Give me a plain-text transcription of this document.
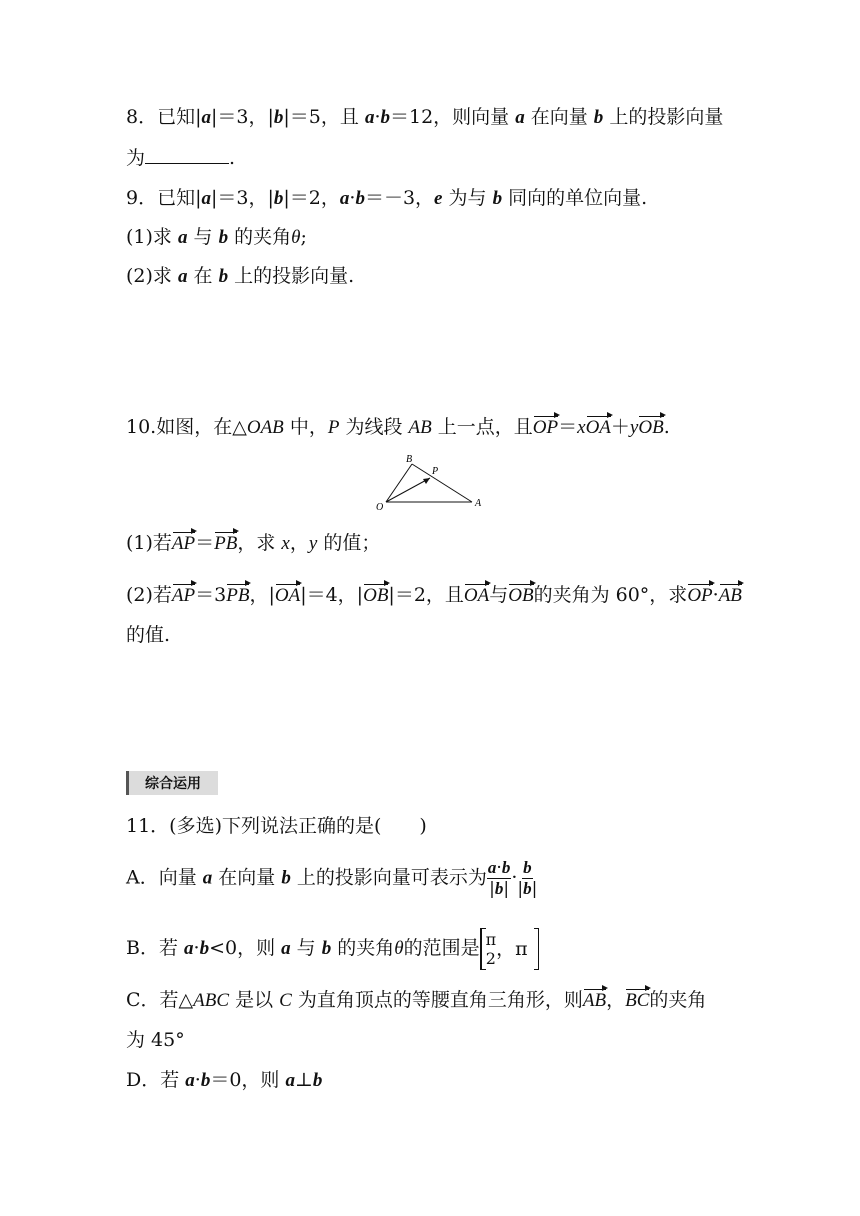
8．已知|a|＝3，|b|＝5，且 a·b＝12，则向量 a 在向量 b 上的投影向量
为	.
9．已知|a|＝3，|b|＝2，a·b＝－3，e 为与 b 同向的单位向量.
(1)求 a 与 b 的夹角θ;
(2)求 a 在 b 上的投影向量.
10.如图，在△OAB 中，P 为线段 AB 上一点，且OP＝xOA＋yOB.
B
P
O	A
(1)若AP＝PB，求 x，y 的值；
(2)若AP＝3PB，|OA|＝4，|OB|＝2，且OA与OB的夹角为 60°，求OP·AB
的值.
综合运用
11．(多选)下列说法正确的是(　　)
A．向量 a 在向量 b 上的投影向量可表示为 $\frac{a\cdot b}{|b|} \cdot \frac{b}{|b|}$
B．若 a·b<0，则 a 与 b 的夹角θ的范围是 π
2 ，π
C．若△ABC 是以 C 为直角顶点的等腰直角三角形，则AB，BC的夹角
为 45°
D．若 a·b＝0，则 a⊥b
